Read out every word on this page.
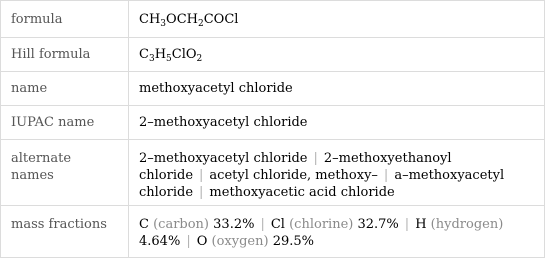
formula	$CH_3OCH_2COCl$
Hill formula	$C_3H_5ClO_2$
name	methoxyacetyl chloride
IUPAC name	2–methoxyacetyl chloride
alternate names	2–methoxyacetyl chloride | 2–methoxyethanoyl chloride | acetyl chloride, methoxy– | a–methoxyacetyl chloride | methoxyacetic acid chloride
mass fractions	C (carbon) 33.2% | Cl (chlorine) 32.7% | H (hydrogen) 4.64% | O (oxygen) 29.5%
